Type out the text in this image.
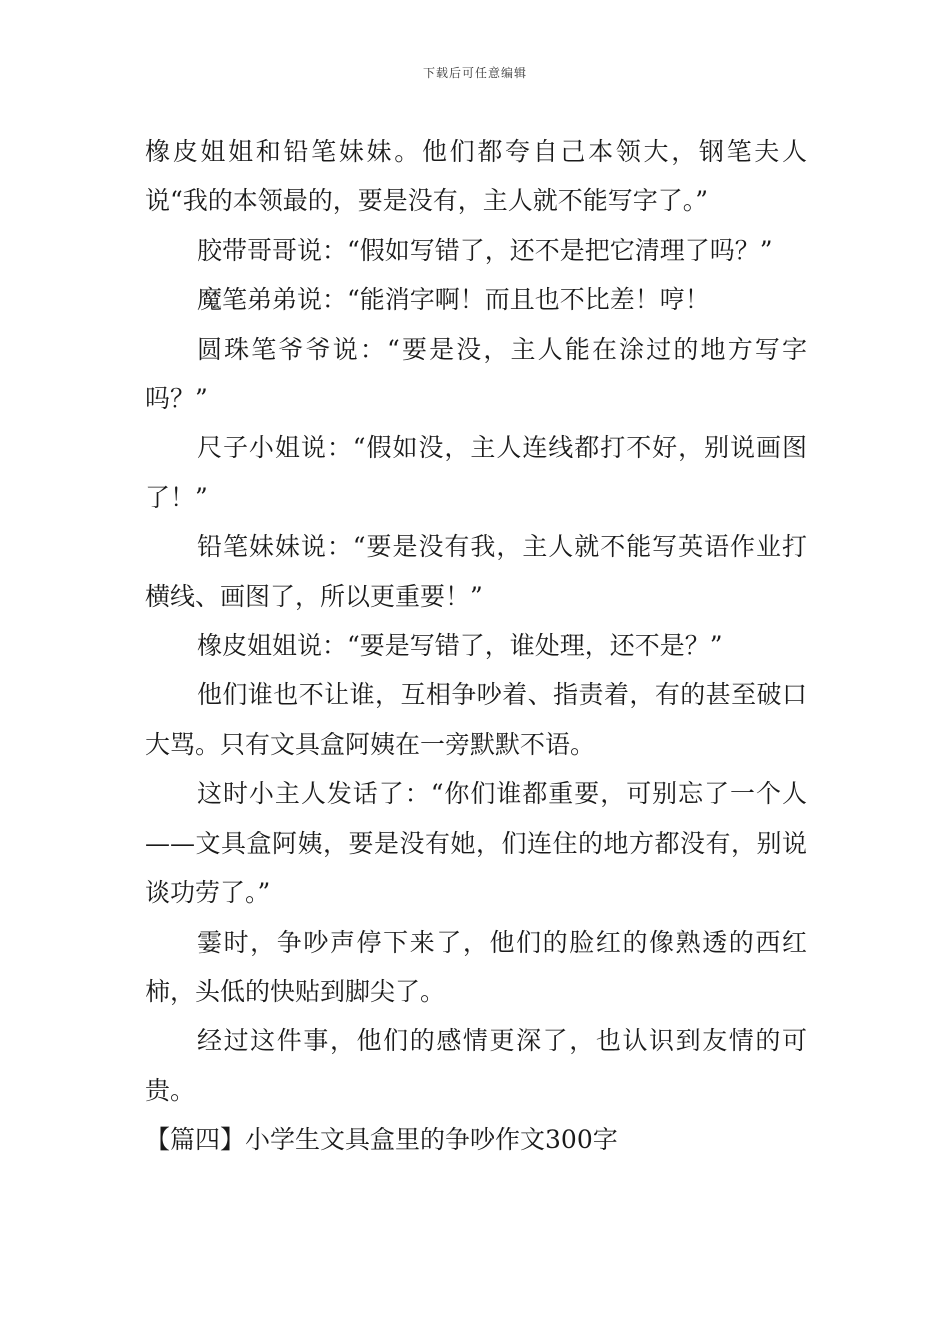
下载后可任意编辑

橡皮姐姐和铅笔妹妹。他们都夸自己本领大，钢笔夫人说“我的本领最的，要是没有，主人就不能写字了。”

胶带哥哥说：“假如写错了，还不是把它清理了吗？”

魔笔弟弟说：“能消字啊！而且也不比差！哼！

圆珠笔爷爷说：“要是没，主人能在涂过的地方写字吗？”

尺子小姐说：“假如没，主人连线都打不好，别说画图了！”

铅笔妹妹说：“要是没有我，主人就不能写英语作业打横线、画图了，所以更重要！”

橡皮姐姐说：“要是写错了，谁处理，还不是？”

他们谁也不让谁，互相争吵着、指责着，有的甚至破口大骂。只有文具盒阿姨在一旁默默不语。

这时小主人发话了：“你们谁都重要，可别忘了一个人——文具盒阿姨，要是没有她，们连住的地方都没有，别说谈功劳了。”

霎时，争吵声停下来了，他们的脸红的像熟透的西红柿，头低的快贴到脚尖了。

经过这件事，他们的感情更深了，也认识到友情的可贵。

【篇四】小学生文具盒里的争吵作文300字
